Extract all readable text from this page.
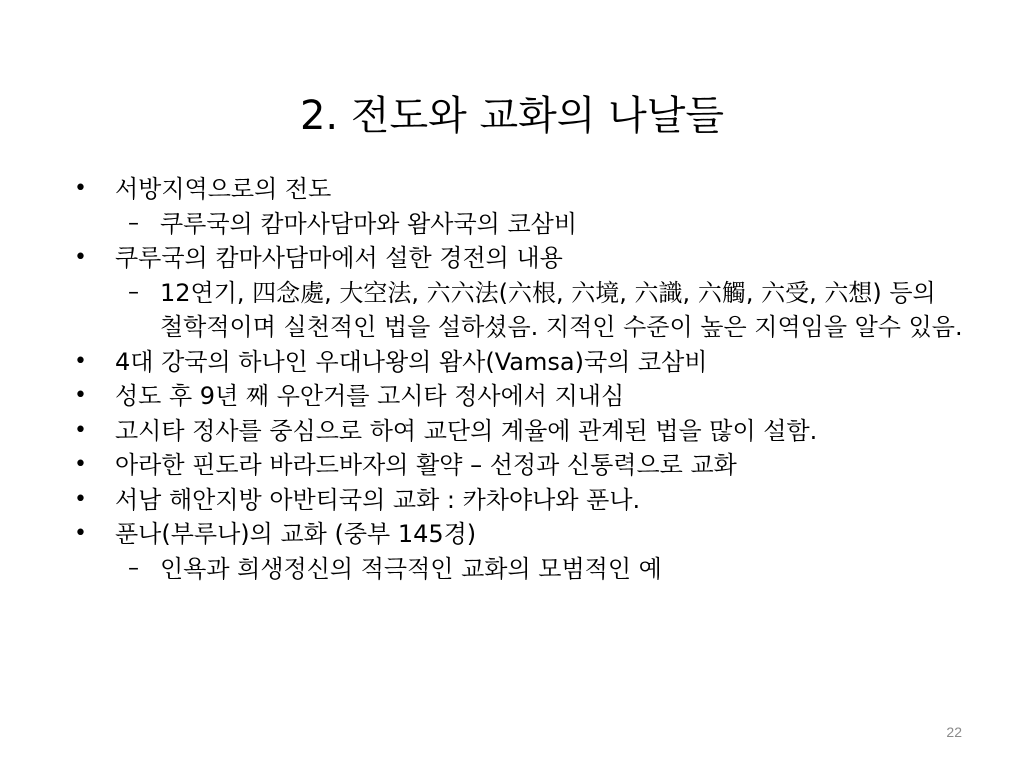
2. 전도와 교화의 나날들
• 서방지역으로의 전도
– 쿠루국의 캄마사담마와 왐사국의 코삼비
• 쿠루국의 캄마사담마에서 설한 경전의 내용
– 12연기, 四念處, 大空法, 六六法(六根, 六境, 六識, 六觸, 六受, 六想) 등의 철학적이며 실천적인 법을 설하셨음. 지적인 수준이 높은 지역임을 알수 있음.
• 4대 강국의 하나인 우대나왕의 왐사(Vamsa)국의 코삼비
• 성도 후 9년 째 우안거를 고시타 정사에서 지내심
• 고시타 정사를 중심으로 하여 교단의 계율에 관계된 법을 많이 설함.
• 아라한 핀도라 바라드바자의 활약 – 선정과 신통력으로 교화
• 서남 해안지방 아반티국의 교화 : 카차야나와 푼나.
• 푼나(부루나)의 교화 (중부 145경)
– 인욕과 희생정신의 적극적인 교화의 모범적인 예
22
